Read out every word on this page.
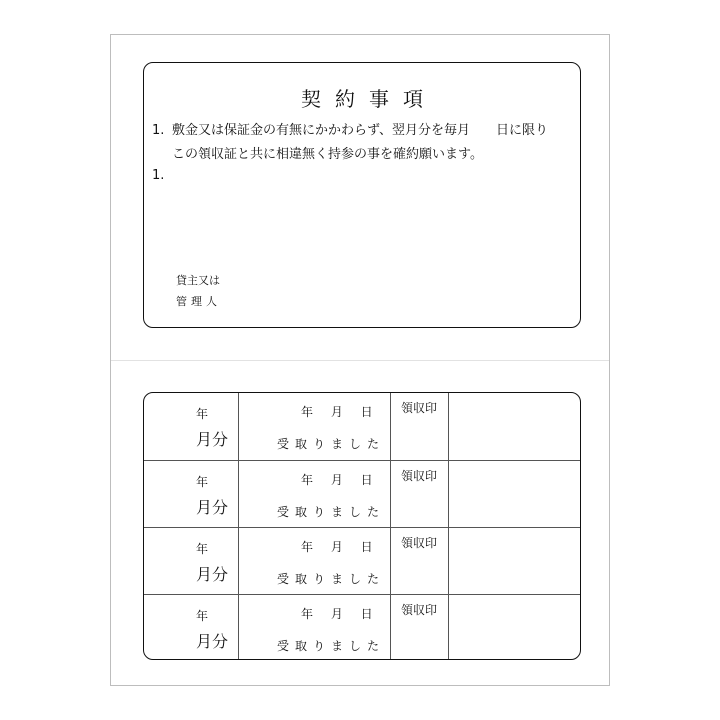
契約事項
1. 敷金又は保証金の有無にかかわらず、翌月分を毎月　　日に限り
この領収証と共に相違無く持参の事を確約願います。
1.
貸主又は
管理人
年
月分
年 月 日
受取りました
領収印
年
月分
年 月 日
受取りました
領収印
年
月分
年 月 日
受取りました
領収印
年
月分
年 月 日
受取りました
領収印
